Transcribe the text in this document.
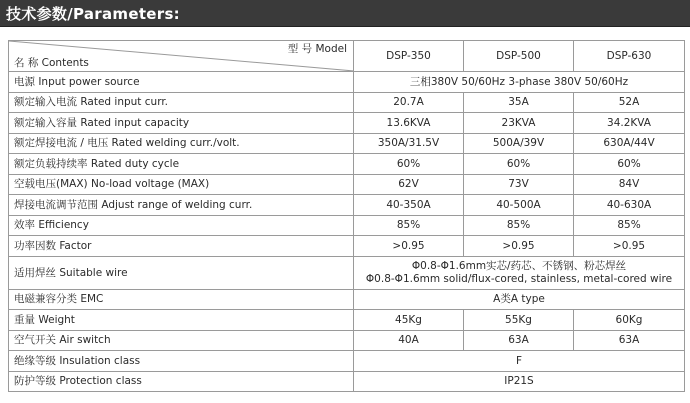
技术参数/Parameters:
型 号 Model
名 称 Contents	DSP-350	DSP-500	DSP-630
电源 Input power source	三相380V 50/60Hz 3-phase 380V 50/60Hz		
额定输入电流 Rated input curr.	20.7A	35A	52A
额定输入容量 Rated input capacity	13.6KVA	23KVA	34.2KVA
额定焊接电流 / 电压 Rated welding curr./volt.	350A/31.5V	500A/39V	630A/44V
额定负载持续率 Rated duty cycle	60%	60%	60%
空载电压(MAX) No-load voltage (MAX)	62V	73V	84V
焊接电流调节范围 Adjust range of welding curr.	40-350A	40-500A	40-630A
效率 Efficiency	85%	85%	85%
功率因数 Factor	>0.95	>0.95	>0.95
适用焊丝 Suitable wire	Φ0.8-Φ1.6mm实芯/药芯、不锈钢、粉芯焊丝
Φ0.8-Φ1.6mm solid/flux-cored, stainless, metal-cored wire		

电磁兼容分类 EMC	A类A type		
重量 Weight	45Kg	55Kg	60Kg
空气开关 Air switch	40A	63A	63A
绝缘等级 Insulation class	F		
防护等级 Protection class	IP21S		
